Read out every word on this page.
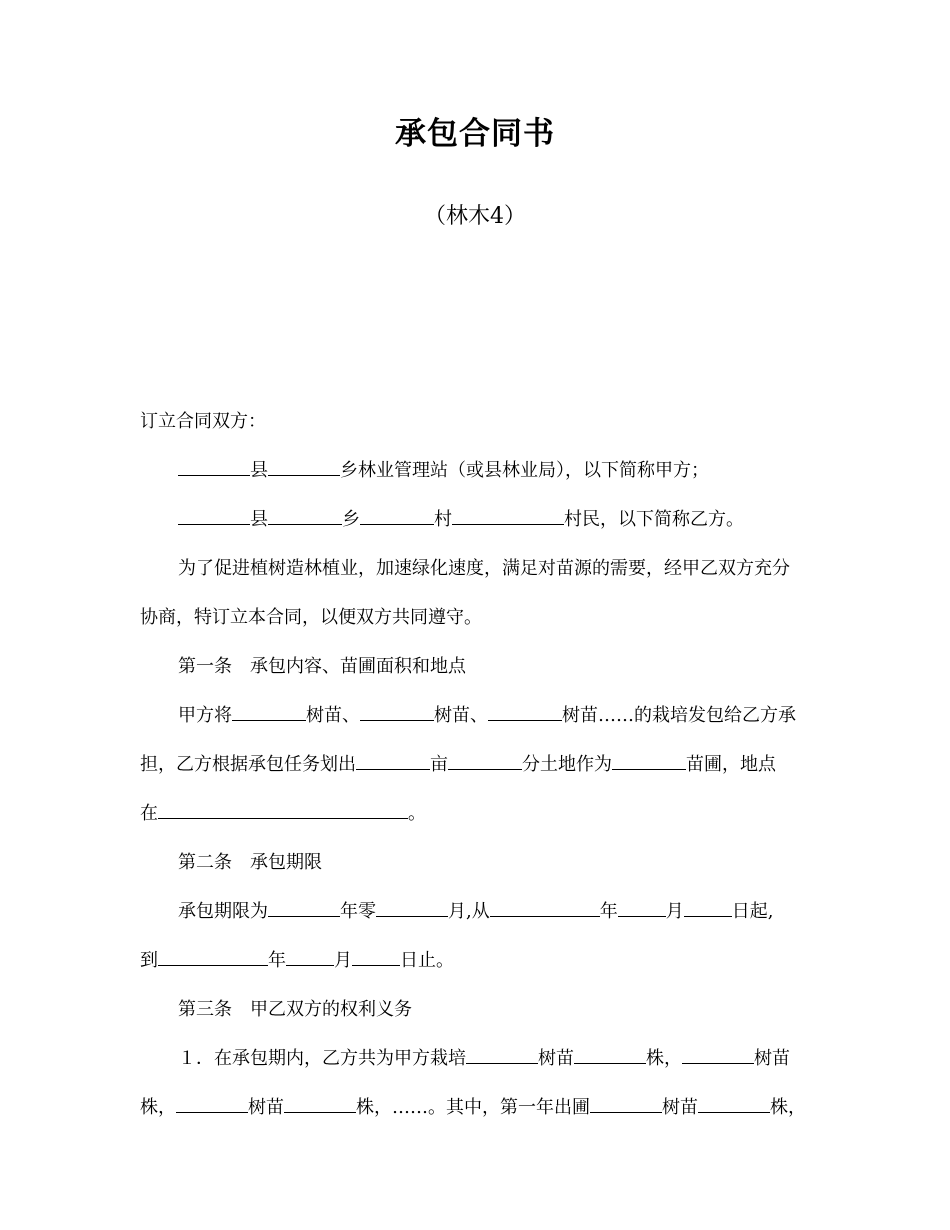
承包合同书
（林木4）
订立合同双方：
县	乡林业管理站（或县林业局），以下简称甲方；
县	乡	村	村民，以下简称乙方。
为了促进植树造林植业，加速绿化速度，满足对苗源的需要，经甲乙双方充分
协商，特订立本合同，以便双方共同遵守。
第一条　承包内容、苗圃面积和地点
甲方将	树苗、	树苗、	树苗……的栽培发包给乙方承
担，乙方根据承包任务划出	亩	分土地作为	苗圃，地点
在	。
第二条　承包期限
承包期限为	年零	月,从	年	月	日起,
到	年	月	日止。
第三条　甲乙双方的权利义务
１．在承包期内，乙方共为甲方栽培	树苗	株，	树苗
株，	树苗	株，……。其中，第一年出圃	树苗	株，
